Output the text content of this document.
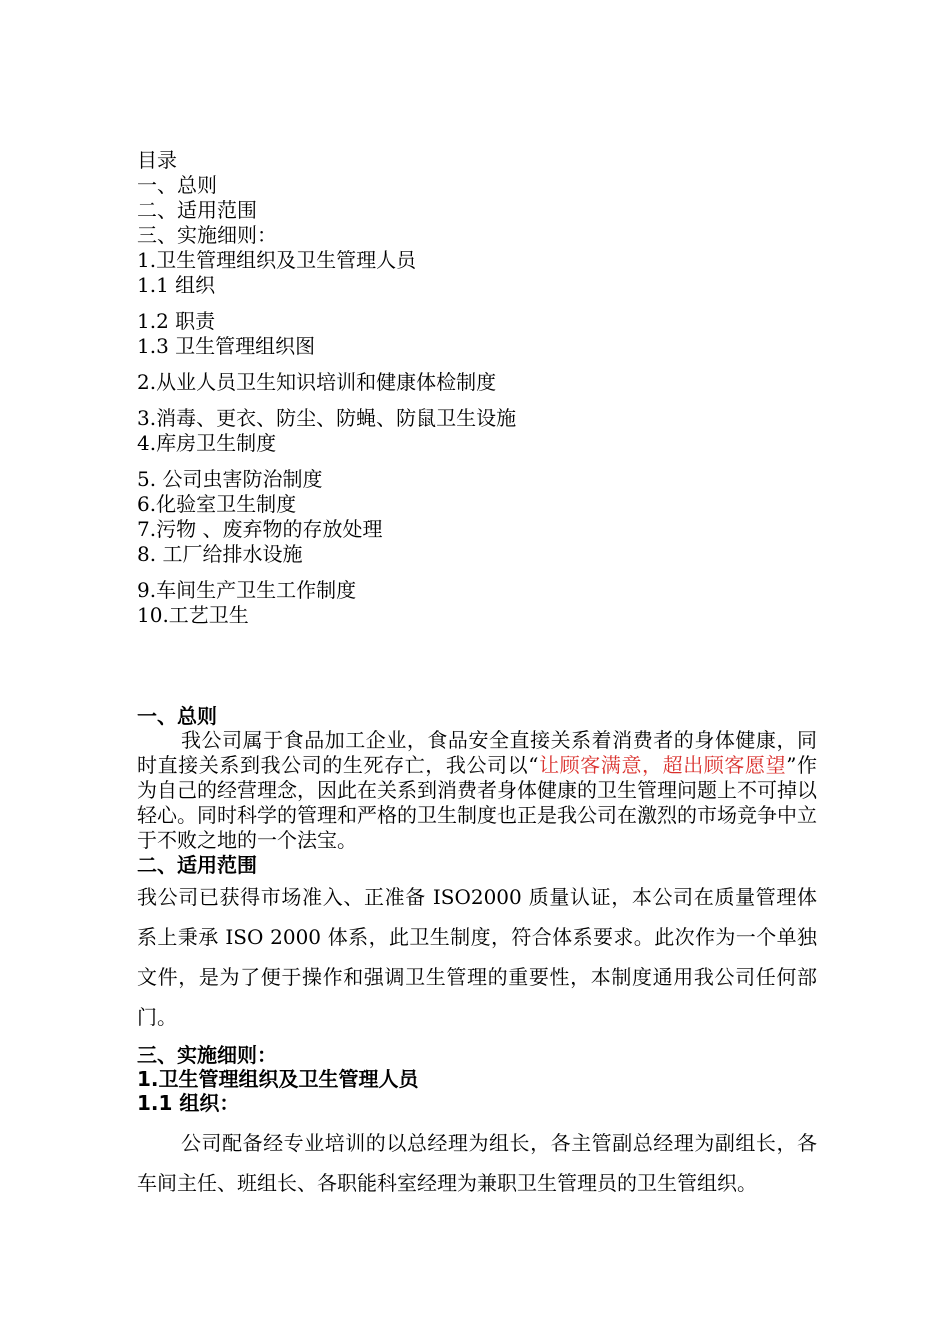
目录
一、总则
二、适用范围
三、实施细则：
1.卫生管理组织及卫生管理人员
1.1 组织
1.2 职责
1.3 卫生管理组织图
2.从业人员卫生知识培训和健康体检制度
3.消毒、更衣、防尘、防蝇、防鼠卫生设施
4.库房卫生制度
5. 公司虫害防治制度
6.化验室卫生制度
7.污物 、废弃物的存放处理
8. 工厂给排水设施
9.车间生产卫生工作制度
10.工艺卫生
一、总则
我公司属于食品加工企业，食品安全直接关系着消费者的身体健康，同时直接关系到我公司的生死存亡，我公司以“让顾客满意，超出顾客愿望”作为自己的经营理念，因此在关系到消费者身体健康的卫生管理问题上不可掉以轻心。同时科学的管理和严格的卫生制度也正是我公司在激烈的市场竞争中立于不败之地的一个法宝。
二、适用范围
我公司已获得市场准入、正准备 ISO2000 质量认证，本公司在质量管理体系上秉承 ISO 2000 体系，此卫生制度，符合体系要求。此次作为一个单独文件，是为了便于操作和强调卫生管理的重要性，本制度通用我公司任何部门。
三、实施细则：
1.卫生管理组织及卫生管理人员
1.1 组织：
公司配备经专业培训的以总经理为组长，各主管副总经理为副组长，各车间主任、班组长、各职能科室经理为兼职卫生管理员的卫生管组织。
